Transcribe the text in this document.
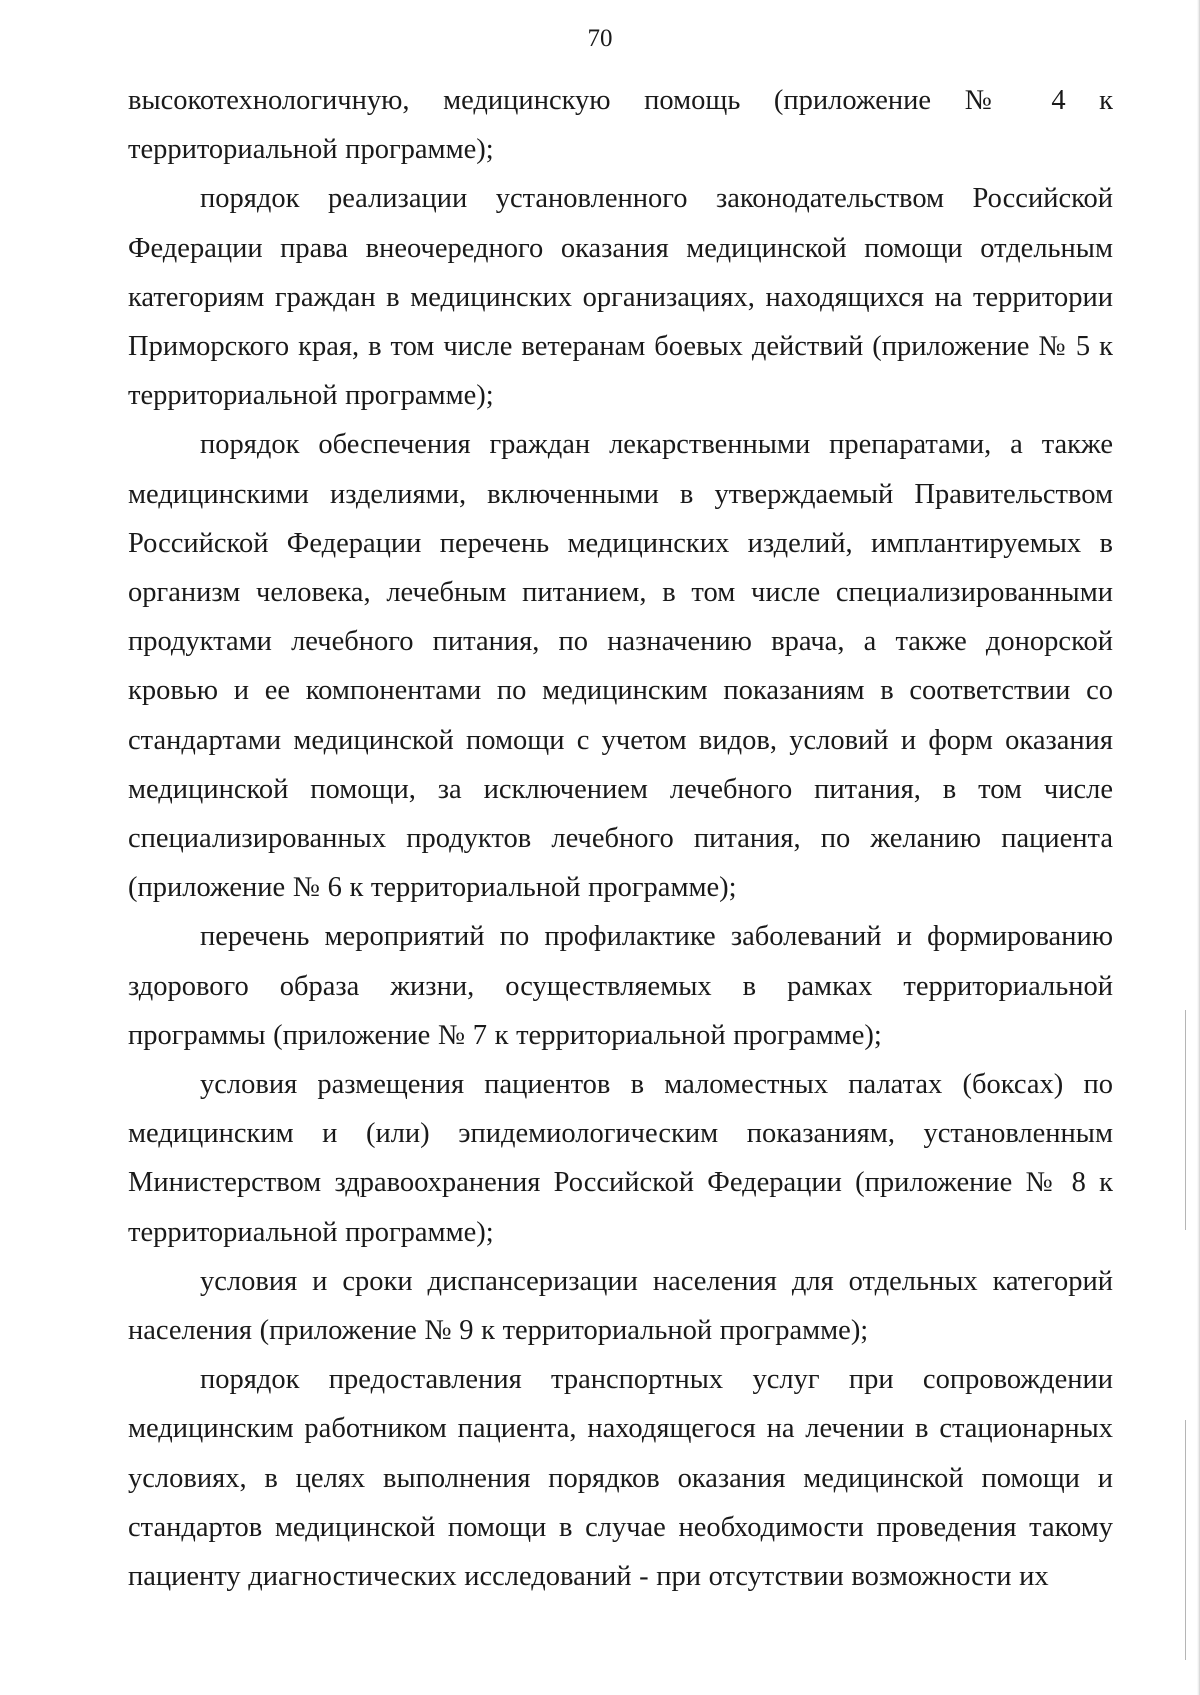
70

высокотехнологичную, медицинскую помощь (приложение № 4 к территориальной программе);

порядок реализации установленного законодательством Российской Федерации права внеочередного оказания медицинской помощи отдельным категориям граждан в медицинских организациях, находящихся на территории Приморского края, в том числе ветеранам боевых действий (приложение № 5 к территориальной программе);

порядок обеспечения граждан лекарственными препаратами, а также медицинскими изделиями, включенными в утверждаемый Правительством Российской Федерации перечень медицинских изделий, имплантируемых в организм человека, лечебным питанием, в том числе специализированными продуктами лечебного питания, по назначению врача, а также донорской кровью и ее компонентами по медицинским показаниям в соответствии со стандартами медицинской помощи с учетом видов, условий и форм оказания медицинской помощи, за исключением лечебного питания, в том числе специализированных продуктов лечебного питания, по желанию пациента (приложение № 6 к территориальной программе);

перечень мероприятий по профилактике заболеваний и формированию здорового образа жизни, осуществляемых в рамках территориальной программы (приложение № 7 к территориальной программе);

условия размещения пациентов в маломестных палатах (боксах) по медицинским и (или) эпидемиологическим показаниям, установленным Министерством здравоохранения Российской Федерации (приложение № 8 к территориальной программе);

условия и сроки диспансеризации населения для отдельных категорий населения (приложение № 9 к территориальной программе);

порядок предоставления транспортных услуг при сопровождении медицинским работником пациента, находящегося на лечении в стационарных условиях, в целях выполнения порядков оказания медицинской помощи и стандартов медицинской помощи в случае необходимости проведения такому пациенту диагностических исследований - при отсутствии возможности их
